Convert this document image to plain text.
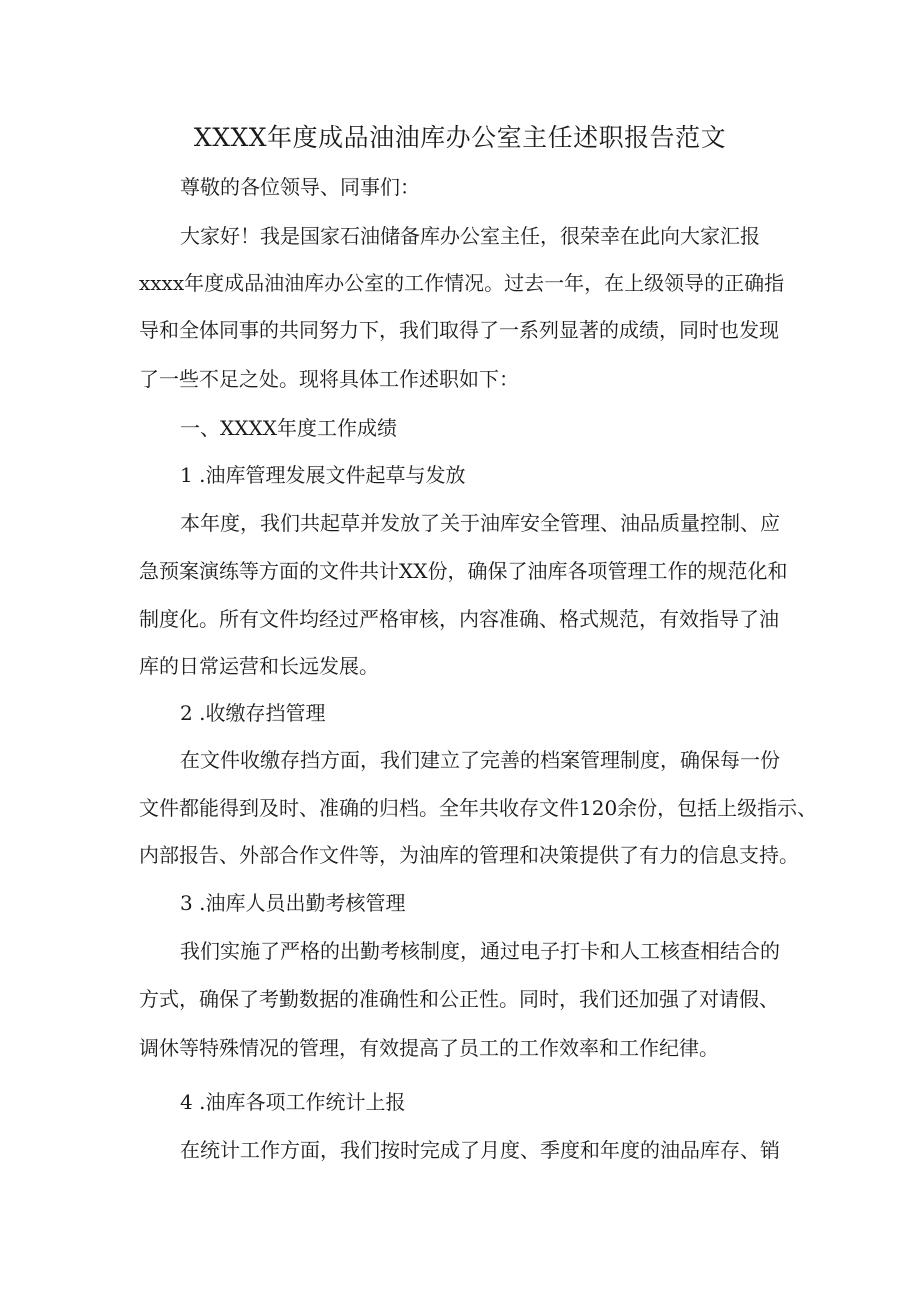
XXXX年度成品油油库办公室主任述职报告范文
尊敬的各位领导、同事们：
大家好！我是国家石油储备库办公室主任，很荣幸在此向大家汇报
xxxx年度成品油油库办公室的工作情况。过去一年，在上级领导的正确指
导和全体同事的共同努力下，我们取得了一系列显著的成绩，同时也发现
了一些不足之处。现将具体工作述职如下：
一、XXXX年度工作成绩
1 .油库管理发展文件起草与发放
本年度，我们共起草并发放了关于油库安全管理、油品质量控制、应
急预案演练等方面的文件共计XX份，确保了油库各项管理工作的规范化和
制度化。所有文件均经过严格审核，内容准确、格式规范，有效指导了油
库的日常运营和长远发展。
2 .收缴存挡管理
在文件收缴存挡方面，我们建立了完善的档案管理制度，确保每一份
文件都能得到及时、准确的归档。全年共收存文件120余份，包括上级指示、
内部报告、外部合作文件等，为油库的管理和决策提供了有力的信息支持。
3 .油库人员出勤考核管理
我们实施了严格的出勤考核制度，通过电子打卡和人工核查相结合的
方式，确保了考勤数据的准确性和公正性。同时，我们还加强了对请假、
调休等特殊情况的管理，有效提高了员工的工作效率和工作纪律。
4 .油库各项工作统计上报
在统计工作方面，我们按时完成了月度、季度和年度的油品库存、销
